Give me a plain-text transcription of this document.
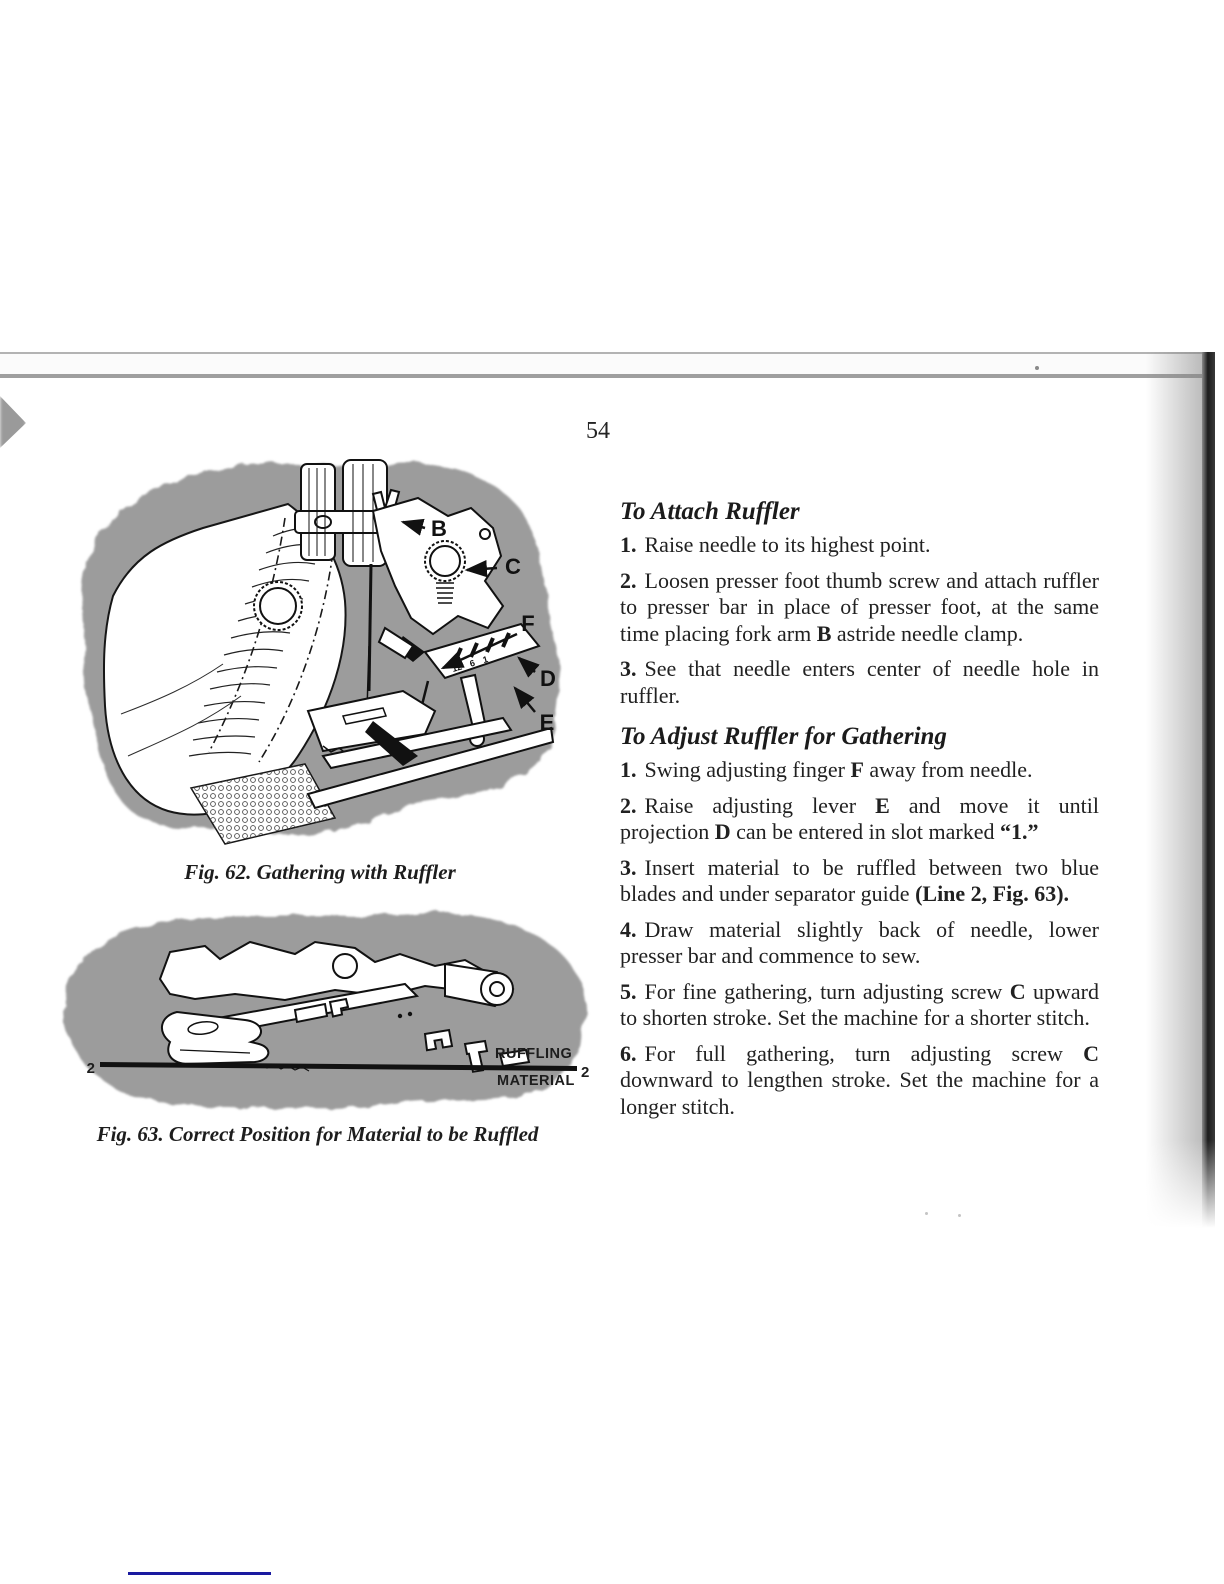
54
12 6 1
B
C
F
D
E
Fig. 62. Gathering with Ruffler
2	2
RUFFLING
MATERIAL
Fig. 63. Correct Position for Material to be Ruffled
To Attach Ruffler

1. Raise needle to its highest point.

2. Loosen presser foot thumb screw and attach ruffler to presser bar in place of presser foot, at the same time placing fork arm B astride needle clamp.

3. See that needle enters center of needle hole in ruffler.

To Adjust Ruffler for Gathering

1. Swing adjusting finger F away from needle.

2. Raise adjusting lever E and move it until projection D can be entered in slot marked “1.”

3. Insert material to be ruffled between two blue blades and under separator guide (Line 2, Fig. 63).

4. Draw material slightly back of needle, lower presser bar and commence to sew.

5. For fine gathering, turn adjusting screw C upward to shorten stroke. Set the machine for a shorter stitch.

6. For full gathering, turn adjusting screw C downward to lengthen stroke. Set the machine for a longer stitch.
